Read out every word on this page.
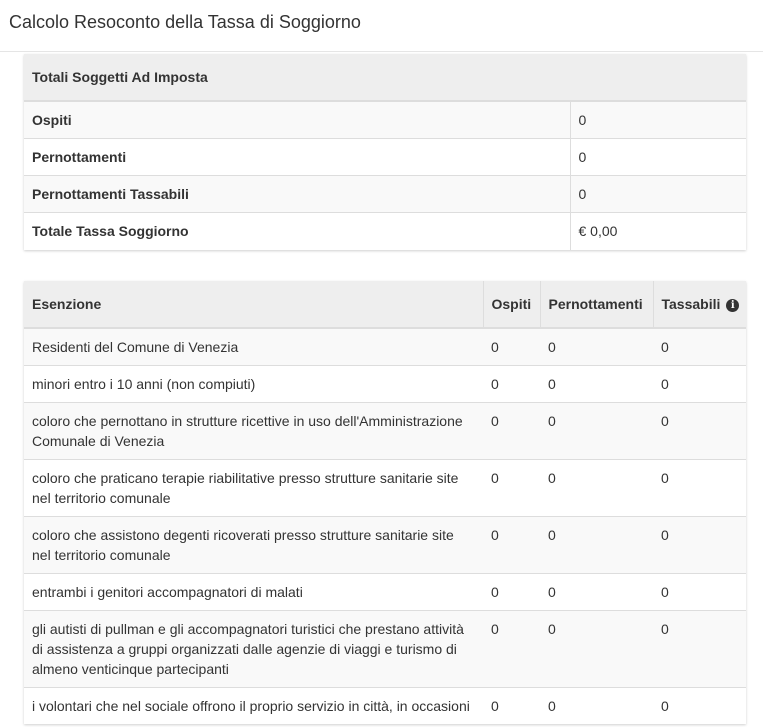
Calcolo Resoconto della Tassa di Soggiorno
Totali Soggetti Ad Imposta	
Ospiti	0
Pernottamenti	0
Pernottamenti Tassabili	0
Totale Tassa Soggiorno	€ 0,00
Esenzione	Ospiti	Pernottamenti	Tassabili i
Residenti del Comune di Venezia	0	0	0
minori entro i 10 anni (non compiuti)	0	0	0
coloro che pernottano in strutture ricettive in uso dell'Amministrazione Comunale di Venezia	0	0	0
coloro che praticano terapie riabilitative presso strutture sanitarie site nel territorio comunale	0	0	0
coloro che assistono degenti ricoverati presso strutture sanitarie site nel territorio comunale	0	0	0
entrambi i genitori accompagnatori di malati	0	0	0
gli autisti di pullman e gli accompagnatori turistici che prestano attività di assistenza a gruppi organizzati dalle agenzie di viaggi e turismo di almeno venticinque partecipanti	0	0	0
i volontari che nel sociale offrono il proprio servizio in città, in occasioni	0	0	0
